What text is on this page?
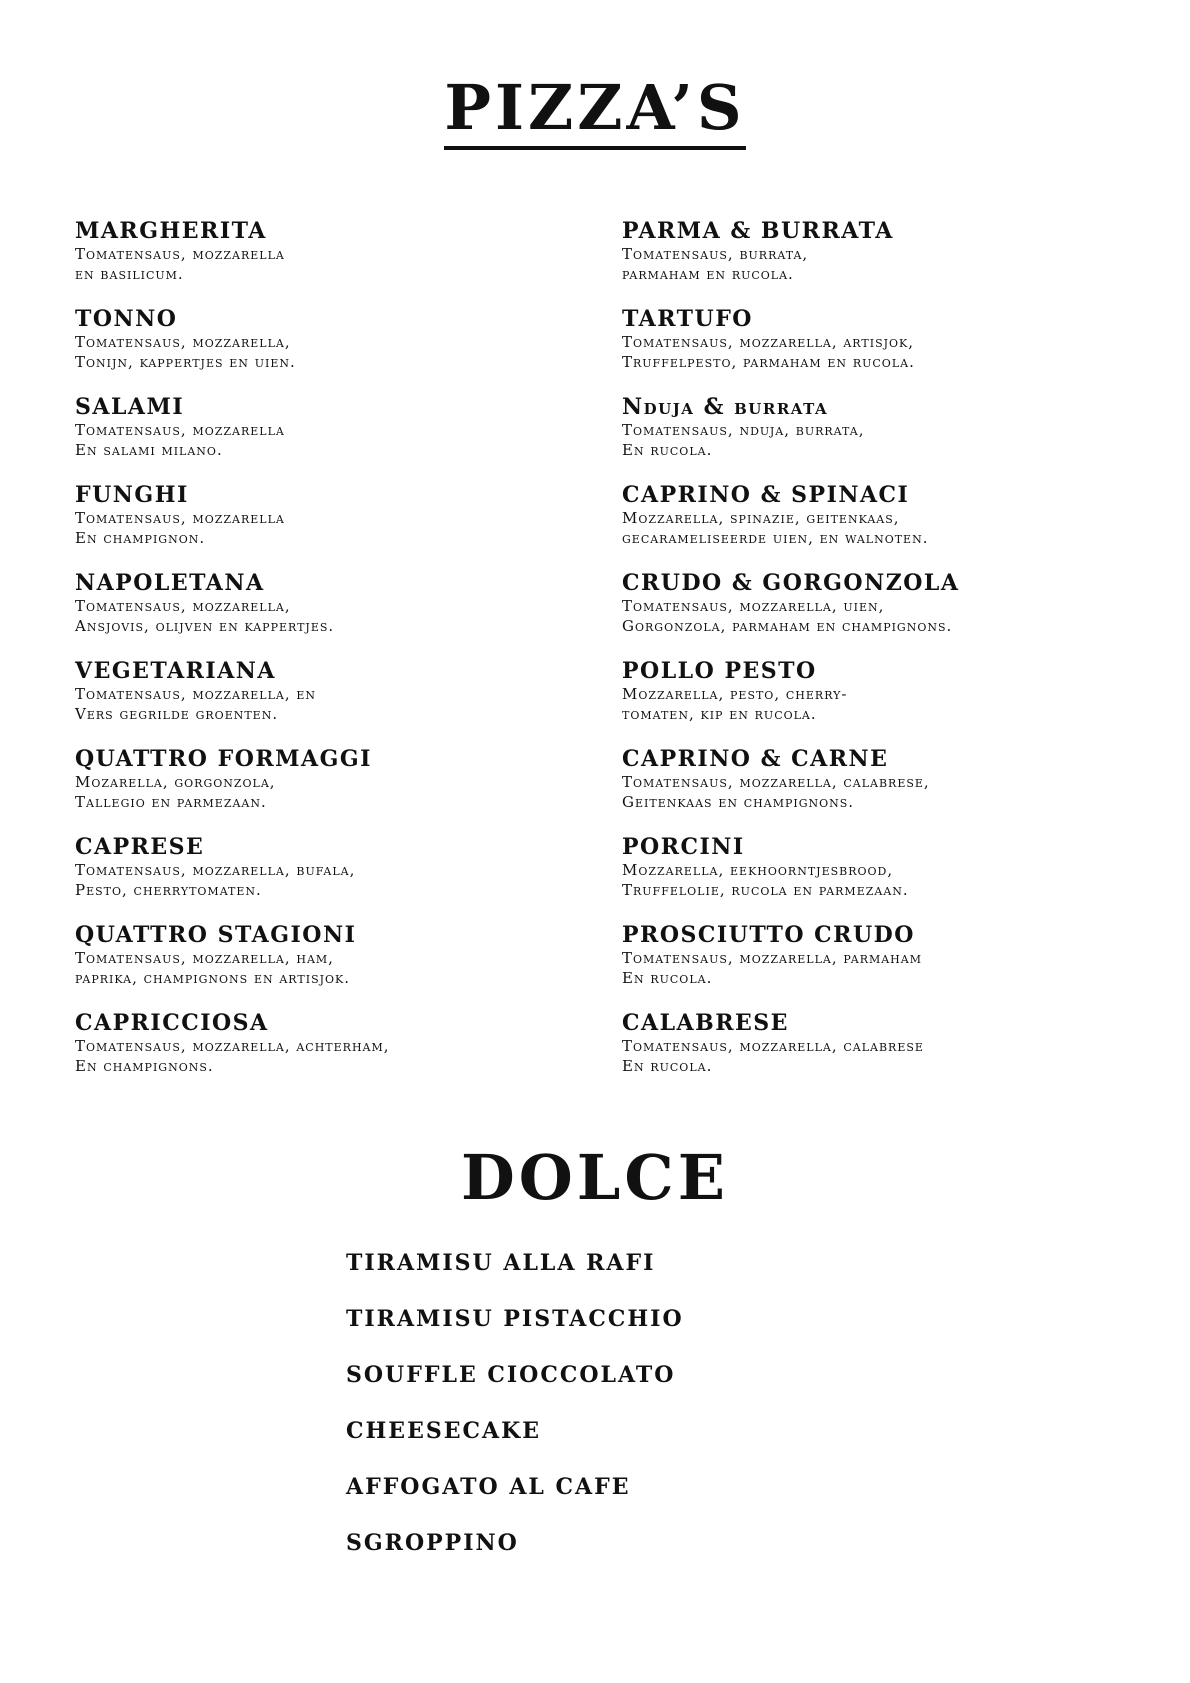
PIZZA’S
MARGHERITA
Tomatensaus, mozzarella
en basilicum.
TONNO
Tomatensaus, mozzarella,
Tonijn, kappertjes en uien.
SALAMI
Tomatensaus, mozzarella
En salami milano.
FUNGHI
Tomatensaus, mozzarella
En champignon.
NAPOLETANA
Tomatensaus, mozzarella,
Ansjovis, olijven en kappertjes.
VEGETARIANA
Tomatensaus, mozzarella, en
Vers gegrilde groenten.
QUATTRO FORMAGGI
Mozarella, gorgonzola,
Tallegio en parmezaan.
CAPRESE
Tomatensaus, mozzarella, bufala,
Pesto, cherrytomaten.
QUATTRO STAGIONI
Tomatensaus, mozzarella, ham,
paprika, champignons en artisjok.
CAPRICCIOSA
Tomatensaus, mozzarella, achterham,
En champignons.
PARMA & BURRATA
Tomatensaus, burrata,
parmaham en rucola.
TARTUFO
Tomatensaus, mozzarella, artisjok,
Truffelpesto, parmaham en rucola.
Nduja & burrata
Tomatensaus, nduja, burrata,
En rucola.
CAPRINO & SPINACI
Mozzarella, spinazie, geitenkaas,
gecarameliseerde uien, en walnoten.
CRUDO & GORGONZOLA
Tomatensaus, mozzarella, uien,
Gorgonzola, parmaham en champignons.
POLLO PESTO
Mozzarella, pesto, cherry-
tomaten, kip en rucola.
CAPRINO & CARNE
Tomatensaus, mozzarella, calabrese,
Geitenkaas en champignons.
PORCINI
Mozzarella, eekhoorntjesbrood,
Truffelolie, rucola en parmezaan.
PROSCIUTTO CRUDO
Tomatensaus, mozzarella, parmaham
En rucola.
CALABRESE
Tomatensaus, mozzarella, calabrese
En rucola.
DOLCE
TIRAMISU ALLA RAFI
TIRAMISU PISTACCHIO
SOUFFLE CIOCCOLATO
CHEESECAKE
AFFOGATO AL CAFE
SGROPPINO
